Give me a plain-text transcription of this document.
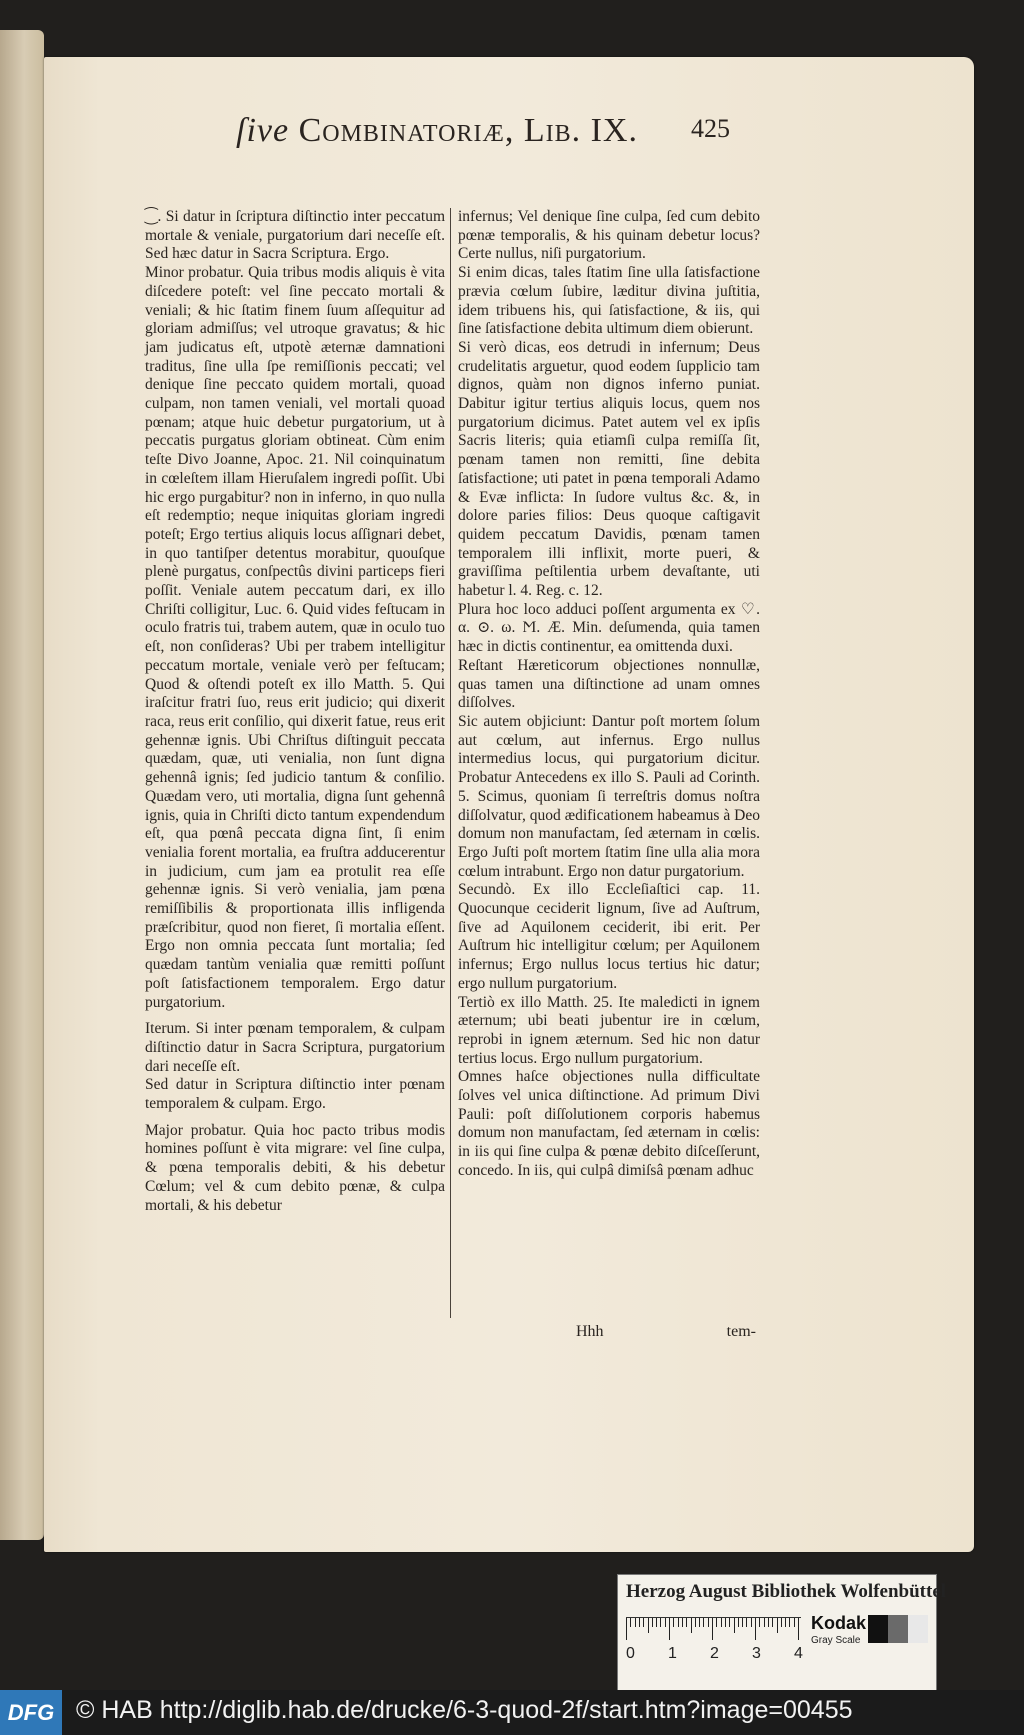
ſive Combinatoriæ, Lib. IX. 425

⁐. Si datur in ſcriptura diſtinctio inter peccatum mortale & veniale, purgatorium dari neceſſe eſt. Sed hæc datur in Sacra Scriptura. Ergo.

Minor probatur. Quia tribus modis aliquis è vita diſcedere poteſt: vel ſine peccato mortali & veniali; & hic ſtatim finem ſuum aſſequitur ad gloriam admiſſus; vel utroque gravatus; & hic jam judicatus eſt, utpotè æternæ damnationi traditus, ſine ulla ſpe remiſſionis peccati; vel denique ſine peccato quidem mortali, quoad culpam, non tamen veniali, vel mortali quoad pœnam; atque huic debetur purgatorium, ut à peccatis purgatus gloriam obtineat. Cùm enim teſte Divo Joanne, Apoc. 21. Nil coinquinatum in cœleſtem illam Hieruſalem ingredi poſſit. Ubi hic ergo purgabitur? non in inferno, in quo nulla eſt redemptio; neque iniquitas gloriam ingredi poteſt; Ergo tertius aliquis locus aſſignari debet, in quo tantiſper detentus morabitur, quouſque plenè purgatus, conſpectûs divini particeps fieri poſſit. Veniale autem peccatum dari, ex illo Chriſti colligitur, Luc. 6. Quid vides feſtucam in oculo fratris tui, trabem autem, quæ in oculo tuo eſt, non conſideras? Ubi per trabem intelligitur peccatum mortale, veniale verò per feſtucam; Quod & oſtendi poteſt ex illo Matth. 5. Qui iraſcitur fratri ſuo, reus erit judicio; qui dixerit raca, reus erit conſilio, qui dixerit fatue, reus erit gehennæ ignis. Ubi Chriſtus diſtinguit peccata quædam, quæ, uti venialia, non ſunt digna gehennâ ignis; ſed judicio tantum & conſilio. Quædam vero, uti mortalia, digna ſunt gehennâ ignis, quia in Chriſti dicto tantum expendendum eſt, qua pœnâ peccata digna ſint, ſi enim venialia forent mortalia, ea fruſtra adducerentur in judicium, cum jam ea protulit rea eſſe gehennæ ignis. Si verò venialia, jam pœna remiſſibilis & proportionata illis infligenda præſcribitur, quod non fieret, ſi mortalia eſſent. Ergo non omnia peccata ſunt mortalia; ſed quædam tantùm venialia quæ remitti poſſunt poſt ſatisfactionem temporalem. Ergo datur purgatorium.

Iterum. Si inter pœnam temporalem, & culpam diſtinctio datur in Sacra Scriptura, purgatorium dari neceſſe eſt.

Sed datur in Scriptura diſtinctio inter pœnam temporalem & culpam. Ergo.

Major probatur. Quia hoc pacto tribus modis homines poſſunt è vita migrare: vel ſine culpa, & pœna temporalis debiti, & his debetur Cœlum; vel & cum debito pœnæ, & culpa mortali, & his debetur

infernus; Vel denique ſine culpa, ſed cum debito pœnæ temporalis, & his quinam debetur locus? Certe nullus, niſi purgatorium.

Si enim dicas, tales ſtatim ſine ulla ſatisfactione prævia cœlum ſubire, læditur divina juſtitia, idem tribuens his, qui ſatisfactione, & iis, qui ſine ſatisfactione debita ultimum diem obierunt.

Si verò dicas, eos detrudi in infernum; Deus crudelitatis arguetur, quod eodem ſupplicio tam dignos, quàm non dignos inferno puniat. Dabitur igitur tertius aliquis locus, quem nos purgatorium dicimus. Patet autem vel ex ipſis Sacris literis; quia etiamſi culpa remiſſa ſit, pœnam tamen non remitti, ſine debita ſatisfactione; uti patet in pœna temporali Adamo & Evæ inflicta: In ſudore vultus &c. &, in dolore paries filios: Deus quoque caſtigavit quidem peccatum Davidis, pœnam tamen temporalem illi inflixit, morte pueri, & graviſſima peſtilentia urbem devaſtante, uti habetur l. 4. Reg. c. 12.

Plura hoc loco adduci poſſent argumenta ex ♡. α. ⊙. ω. Ϻ. Æ. Min. deſumenda, quia tamen hæc in dictis continentur, ea omittenda duxi.

Reſtant Hæreticorum objectiones nonnullæ, quas tamen una diſtinctione ad unam omnes diſſolves.

Sic autem objiciunt: Dantur poſt mortem ſolum aut cœlum, aut infernus. Ergo nullus intermedius locus, qui purgatorium dicitur. Probatur Antecedens ex illo S. Pauli ad Corinth. 5. Scimus, quoniam ſi terreſtris domus noſtra diſſolvatur, quod ædificationem habeamus à Deo domum non manufactam, ſed æternam in cœlis. Ergo Juſti poſt mortem ſtatim ſine ulla alia mora cœlum intrabunt. Ergo non datur purgatorium.

Secundò. Ex illo Eccleſiaſtici cap. 11. Quocunque ceciderit lignum, ſive ad Auſtrum, ſive ad Aquilonem ceciderit, ibi erit. Per Auſtrum hic intelligitur cœlum; per Aquilonem infernus; Ergo nullus locus tertius hic datur; ergo nullum purgatorium.

Tertiò ex illo Matth. 25. Ite maledicti in ignem æternum; ubi beati jubentur ire in cœlum, reprobi in ignem æternum. Sed hic non datur tertius locus. Ergo nullum purgatorium.

Omnes haſce objectiones nulla difficultate ſolves vel unica diſtinctione. Ad primum Divi Pauli: poſt diſſolutionem corporis habemus domum non manufactam, ſed æternam in cœlis: in iis qui ſine culpa & pœnæ debito diſceſſerunt, concedo. In iis, qui culpâ dimiſsâ pœnam adhuc

Hhh	tem-
Herzog August Bibliothek Wolfenbüttel
0 1 2 3 4
Kodak
Gray Scale
DFG © HAB http://diglib.hab.de/drucke/6-3-quod-2f/start.htm?image=00455
